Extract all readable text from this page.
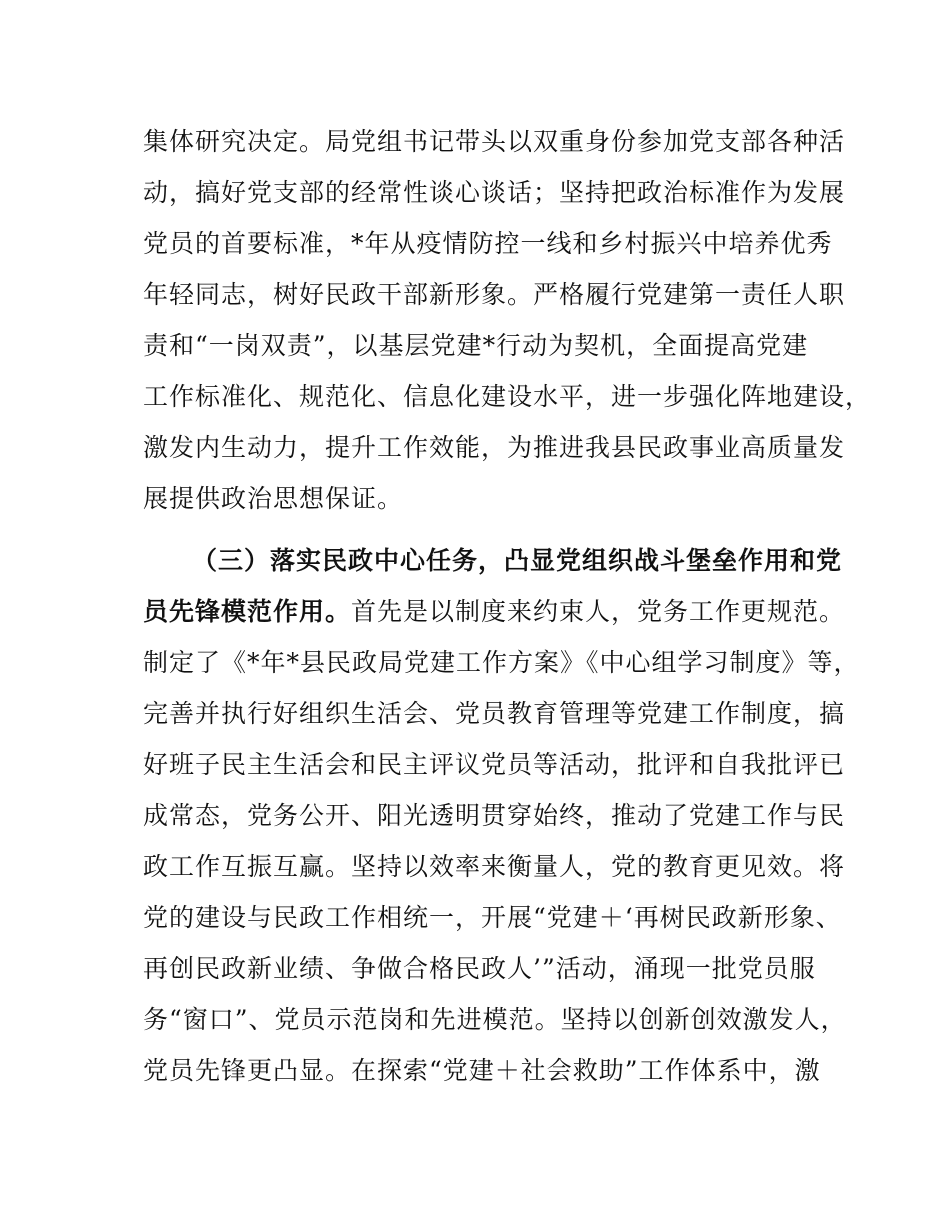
集体研究决定。局党组书记带头以双重身份参加党支部各种活
动，搞好党支部的经常性谈心谈话；坚持把政治标准作为发展
党员的首要标准，*年从疫情防控一线和乡村振兴中培养优秀
年轻同志，树好民政干部新形象。严格履行党建第一责任人职
责和“一岗双责”，以基层党建*行动为契机，全面提高党建
工作标准化、规范化、信息化建设水平，进一步强化阵地建设，
激发内生动力，提升工作效能，为推进我县民政事业高质量发
展提供政治思想保证。
（三）落实民政中心任务，凸显党组织战斗堡垒作用和党
员先锋模范作用。首先是以制度来约束人，党务工作更规范。
制定了《*年*县民政局党建工作方案》《中心组学习制度》等，
完善并执行好组织生活会、党员教育管理等党建工作制度，搞
好班子民主生活会和民主评议党员等活动，批评和自我批评已
成常态，党务公开、阳光透明贯穿始终，推动了党建工作与民
政工作互振互赢。坚持以效率来衡量人，党的教育更见效。将
党的建设与民政工作相统一，开展“党建＋‘再树民政新形象、
再创民政新业绩、争做合格民政人’”活动，涌现一批党员服
务“窗口”、党员示范岗和先进模范。坚持以创新创效激发人，
党员先锋更凸显。在探索“党建＋社会救助”工作体系中，激
